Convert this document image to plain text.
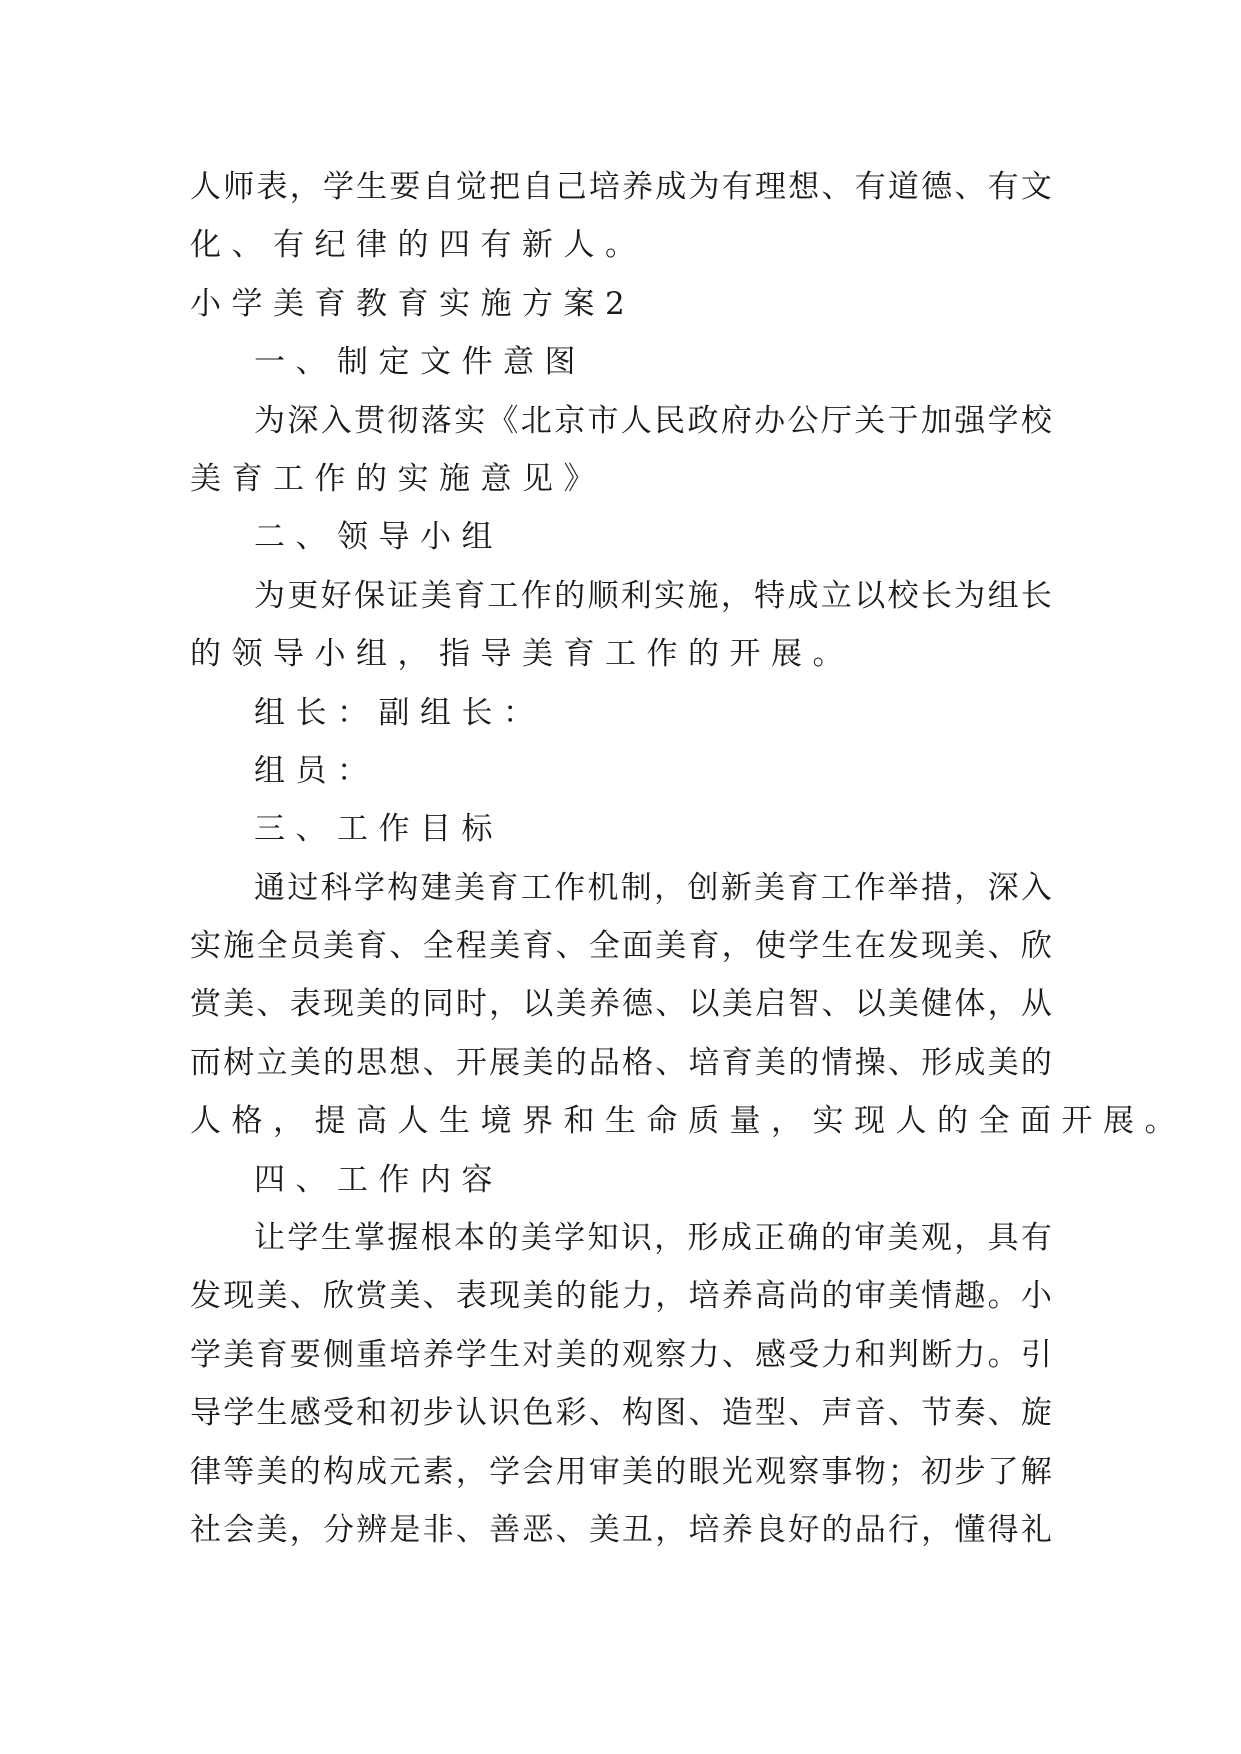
人 师 表 ， 学 生 要 自 觉 把 自 己 培 养 成 为 有 理 想 、 有 道 德 、 有 文
化、有纪律的四有新人。
小学美育教育实施方案2
一、制定文件意图
为 深 入 贯 彻 落 实 《 北 京 市 人 民 政 府 办 公 厅 关 于 加 强 学 校
美育工作的实施意见》
二、领导小组
为 更 好 保 证 美 育 工 作 的 顺 利 实 施 ， 特 成 立 以 校 长 为 组 长
的领导小组，指导美育工作的开展。
组长：副组长：
组员：
三、工作目标
通 过 科 学 构 建 美 育 工 作 机 制 ， 创 新 美 育 工 作 举 措 ， 深 入
实 施 全 员 美 育 、 全 程 美 育 、 全 面 美 育 ， 使 学 生 在 发 现 美 、 欣
赏 美 、 表 现 美 的 同 时 ， 以 美 养 德 、 以 美 启 智 、 以 美 健 体 ， 从
而 树 立 美 的 思 想 、 开 展 美 的 品 格 、 培 育 美 的 情 操 、 形 成 美 的
人格，提高人生境界和生命质量，实现人的全面开展。
四、工作内容
让 学 生 掌 握 根 本 的 美 学 知 识 ， 形 成 正 确 的 审 美 观 ， 具 有
发 现 美 、 欣 赏 美 、 表 现 美 的 能 力 ， 培 养 高 尚 的 审 美 情 趣 。 小
学 美 育 要 侧 重 培 养 学 生 对 美 的 观 察 力 、 感 受 力 和 判 断 力 。 引
导 学 生 感 受 和 初 步 认 识 色 彩 、 构 图 、 造 型 、 声 音 、 节 奏 、 旋
律 等 美 的 构 成 元 素 ， 学 会 用 审 美 的 眼 光 观 察 事 物 ； 初 步 了 解
社 会 美 ， 分 辨 是 非 、 善 恶 、 美 丑 ， 培 养 良 好 的 品 行 ， 懂 得 礼
